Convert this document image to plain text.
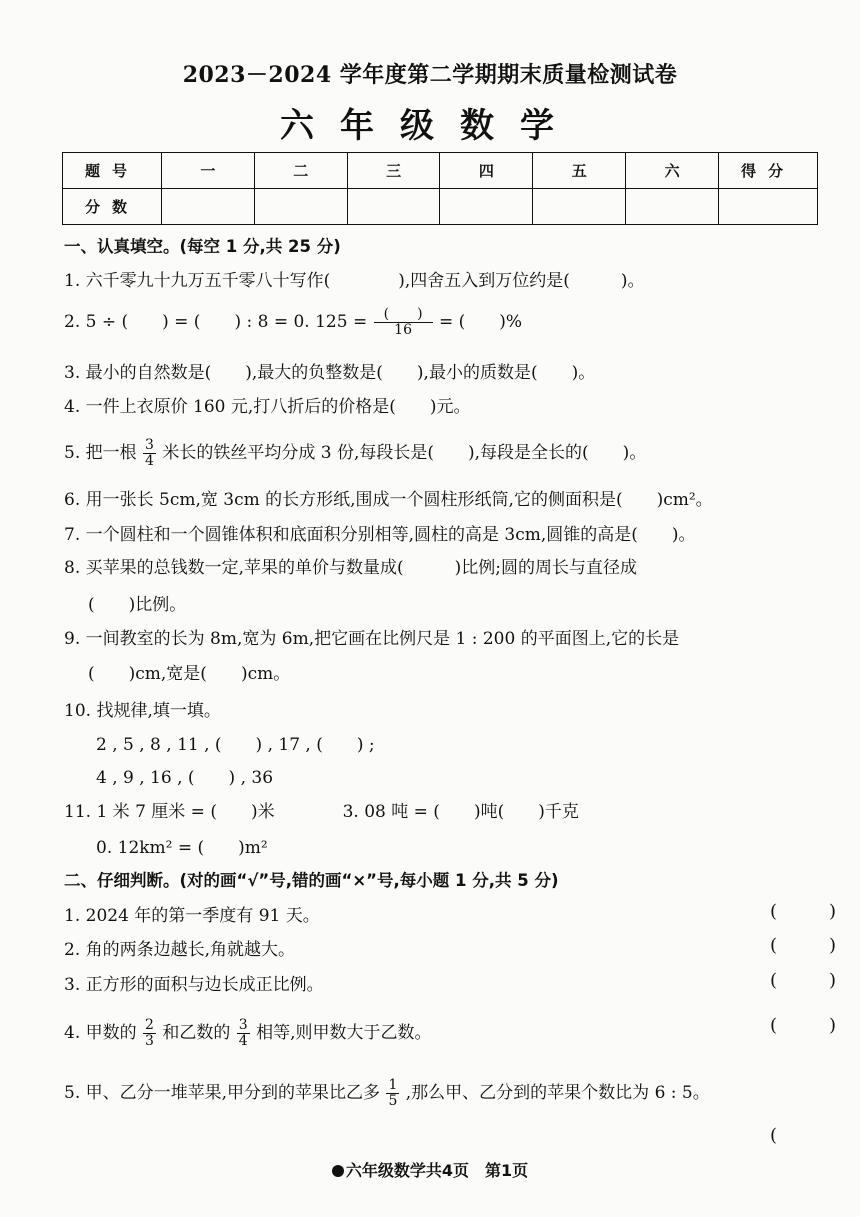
2023－2024 学年度第二学期期末质量检测试卷
六年级数学
题号	一	二	三	四	五	六	得分
分数							
一、认真填空。(每空 1 分,共 25 分)
1. 六千零九十九万五千零八十写作(　　　　),四舍五入到万位约是(　　　)。
2. 5 ÷ (　　) = (　　) : 8 = 0. $125 = \frac{( )}{16}$ = (　　)%
3. 最小的自然数是(　　),最大的负整数是(　　),最小的质数是(　　)。
4. 一件上衣原价 160 元,打八折后的价格是(　　)元。
5. 把一根 $\frac{3}{4}$ 米长的铁丝平均分成 3 份,每段长是(　　),每段是全长的(　　)。
6. 用一张长 5cm,宽 3cm 的长方形纸,围成一个圆柱形纸筒,它的侧面积是(　　)cm²。
7. 一个圆柱和一个圆锥体积和底面积分别相等,圆柱的高是 3cm,圆锥的高是(　　)。
8. 买苹果的总钱数一定,苹果的单价与数量成(　　　)比例;圆的周长与直径成
(　　)比例。
9. 一间教室的长为 8m,宽为 6m,把它画在比例尺是 1 : 200 的平面图上,它的长是
(　　)cm,宽是(　　)cm。
10. 找规律,填一填。
2 , 5 , 8 , 11 , (　　) , 17 , (　　) ;
4 , 9 , 16 , (　　) , 36
11. 1 米 7 厘米 = (　　)米　　　　3. 08 吨 = (　　)吨(　　)千克
0. 12km² = (　　)m²
二、仔细判断。(对的画“√”号,错的画“×”号,每小题 1 分,共 5 分)
1. 2024 年的第一季度有 91 天。	(	)
2. 角的两条边越长,角就越大。	(	)
3. 正方形的面积与边长成正比例。	(	)
4. 甲数的 $\frac{2}{3}$ 和乙数的 $\frac{3}{4}$ 相等,则甲数大于乙数。	(	)
5. 甲、乙分一堆苹果,甲分到的苹果比乙多 $\frac{1}{5}$ ,那么甲、乙分到的苹果个数比为 6 : 5。
(
六年级数学共4页　第1页
